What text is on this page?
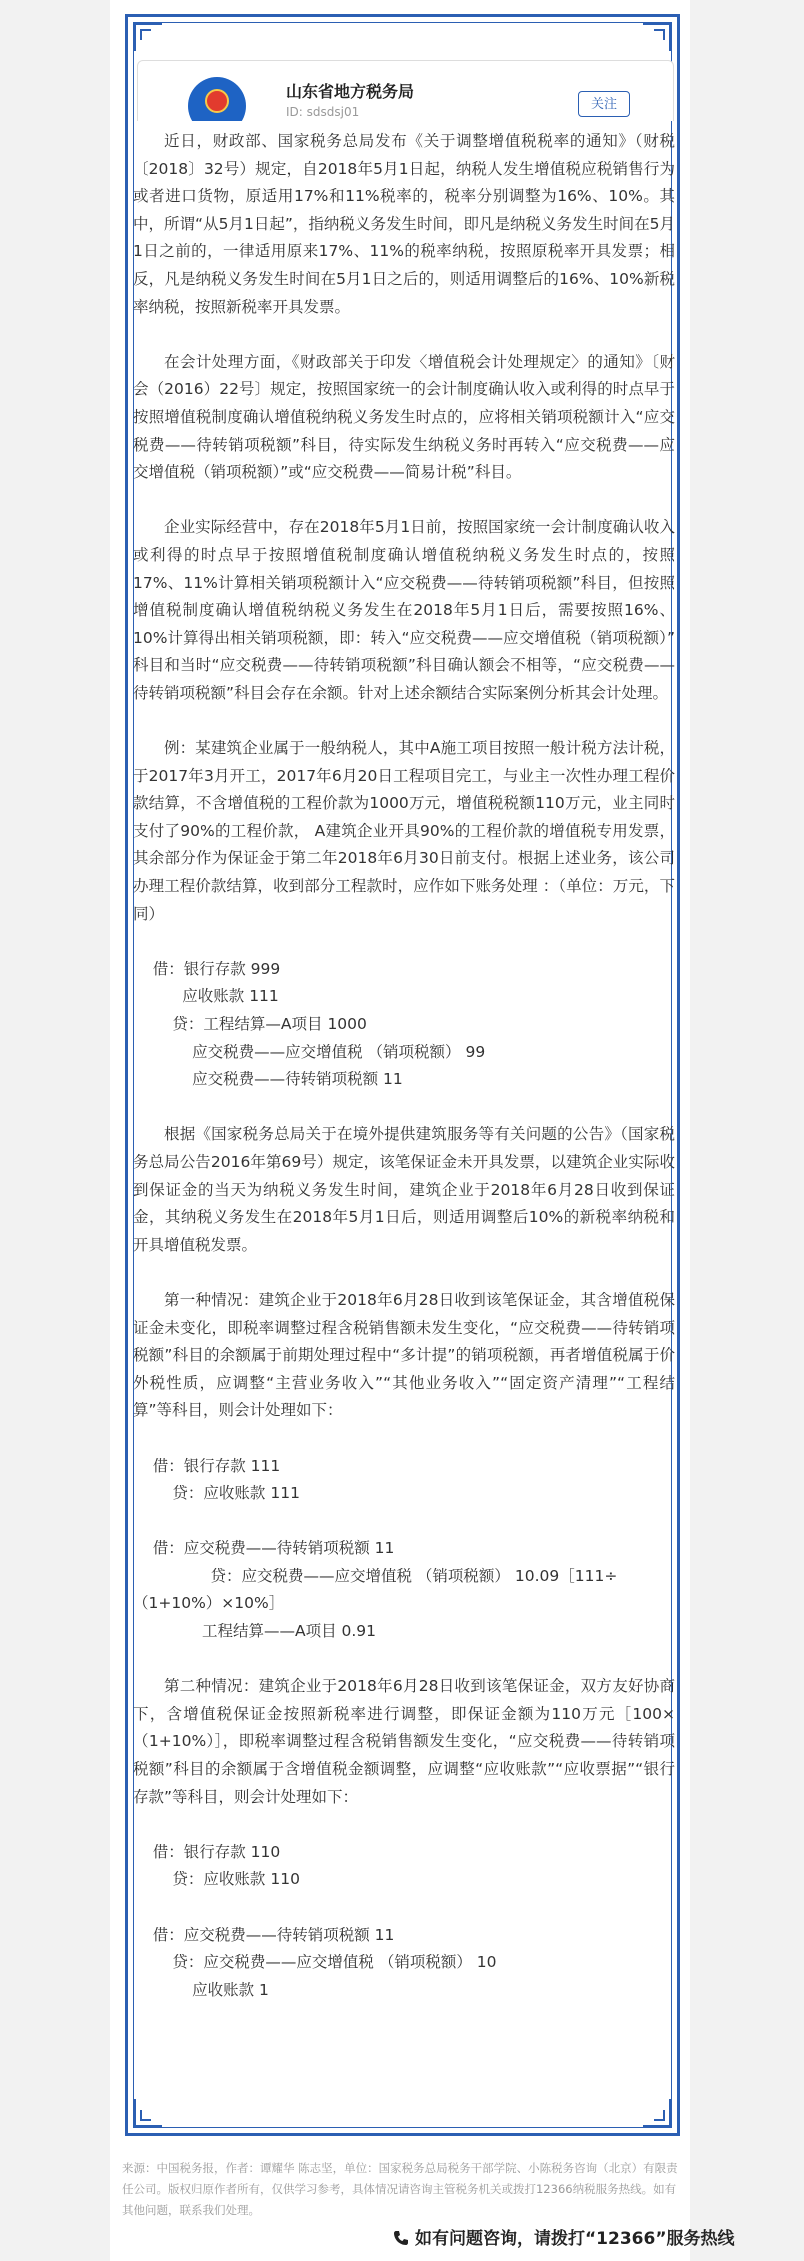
山东省地方税务局
ID: sdsdsj01	关注

近日，财政部、国家税务总局发布《关于调整增值税税率的通知》（财税〔2018〕32号）规定，自2018年5月1日起，纳税人发生增值税应税销售行为或者进口货物，原适用17%和11%税率的，税率分别调整为16%、10%。其中，所谓“从5月1日起”，指纳税义务发生时间，即凡是纳税义务发生时间在5月1日之前的，一律适用原来17%、11%的税率纳税，按照原税率开具发票；相反，凡是纳税义务发生时间在5月1日之后的，则适用调整后的16%、10%新税率纳税，按照新税率开具发票。

在会计处理方面，《财政部关于印发〈增值税会计处理规定〉的通知》〔财会（2016）22号〕规定，按照国家统一的会计制度确认收入或利得的时点早于按照增值税制度确认增值税纳税义务发生时点的，应将相关销项税额计入“应交税费——待转销项税额”科目，待实际发生纳税义务时再转入“应交税费——应交增值税（销项税额）”或“应交税费——简易计税”科目。

企业实际经营中，存在2018年5月1日前，按照国家统一会计制度确认收入或利得的时点早于按照增值税制度确认增值税纳税义务发生时点的，按照17%、11%计算相关销项税额计入“应交税费——待转销项税额”科目，但按照增值税制度确认增值税纳税义务发生在2018年5月1日后，需要按照16%、10%计算得出相关销项税额，即：转入“应交税费——应交增值税（销项税额）” 科目和当时“应交税费——待转销项税额”科目确认额会不相等，“应交税费——待转销项税额”科目会存在余额。针对上述余额结合实际案例分析其会计处理。

例：某建筑企业属于一般纳税人，其中A施工项目按照一般计税方法计税，于2017年3月开工，2017年6月20日工程项目完工，与业主一次性办理工程价款结算，不含增值税的工程价款为1000万元，增值税税额110万元，业主同时支付了90%的工程价款， A建筑企业开具90%的工程价款的增值税专用发票，其余部分作为保证金于第二年2018年6月30日前支付。根据上述业务，该公司办理工程价款结算，收到部分工程款时，应作如下账务处理 ：（单位：万元，下同）

借：银行存款 999

应收账款 111

贷：工程结算—A项目 1000

应交税费——应交增值税 （销项税额） 99

应交税费——待转销项税额 11

根据《国家税务总局关于在境外提供建筑服务等有关问题的公告》（国家税务总局公告2016年第69号）规定，该笔保证金未开具发票，以建筑企业实际收到保证金的当天为纳税义务发生时间，建筑企业于2018年6月28日收到保证金，其纳税义务发生在2018年5月1日后，则适用调整后10%的新税率纳税和开具增值税发票。

第一种情况：建筑企业于2018年6月28日收到该笔保证金，其含增值税保证金未变化，即税率调整过程含税销售额未发生变化，“应交税费——待转销项税额”科目的余额属于前期处理过程中“多计提”的销项税额，再者增值税属于价外税性质，应调整“主营业务收入”“其他业务收入”“固定资产清理”“工程结算”等科目，则会计处理如下：

借：银行存款 111

贷：应收账款 111

借：应交税费——待转销项税额 11

　　　　　贷：应交税费——应交增值税 （销项税额） 10.09［111÷（1+10%）×10%］

工程结算——A项目 0.91

第二种情况：建筑企业于2018年6月28日收到该笔保证金，双方友好协商下，含增值税保证金按照新税率进行调整，即保证金额为110万元［100×（1+10%）］，即税率调整过程含税销售额发生变化，“应交税费——待转销项税额”科目的余额属于含增值税金额调整，应调整“应收账款”“应收票据”“银行存款”等科目，则会计处理如下：

借：银行存款 110

贷：应收账款 110

借：应交税费——待转销项税额 11

贷：应交税费——应交增值税 （销项税额） 10

应收账款 1

来源：中国税务报，作者：谭耀华 陈志坚，单位：国家税务总局税务干部学院、小陈税务咨询（北京）有限责任公司。版权归原作者所有，仅供学习参考，具体情况请咨询主管税务机关或拨打12366纳税服务热线。如有其他问题，联系我们处理。
如有问题咨询，请拨打“12366”服务热线
